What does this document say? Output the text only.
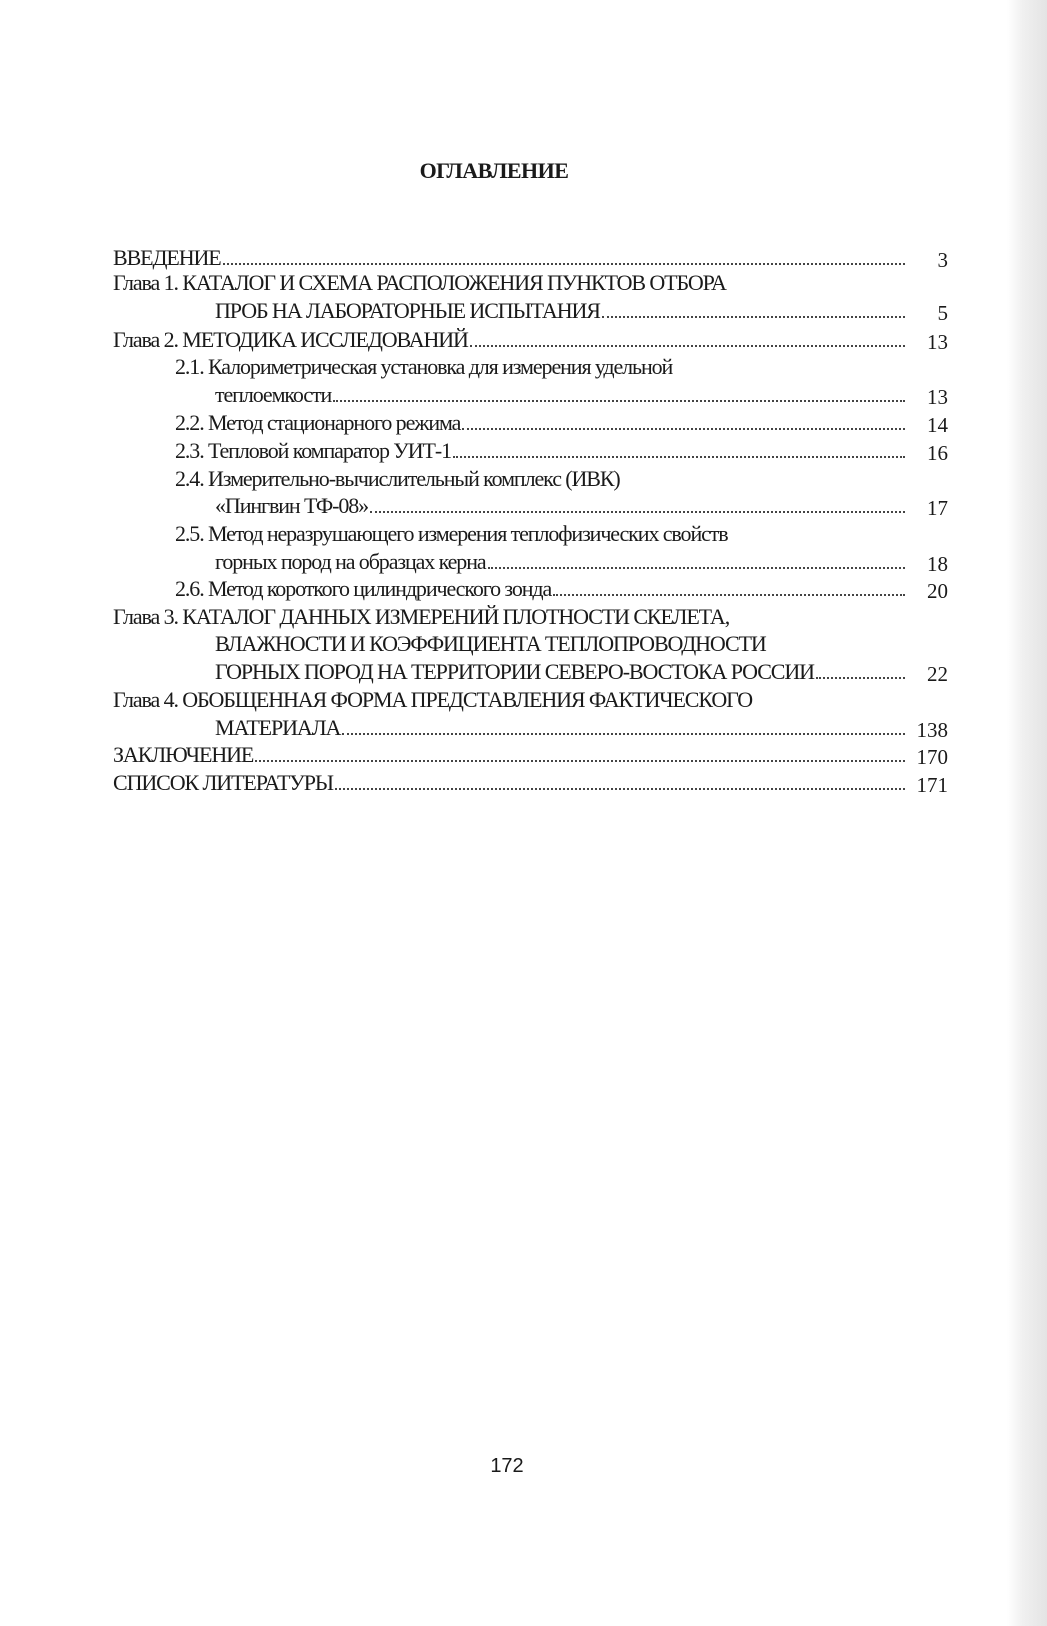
ОГЛАВЛЕНИЕ
3
ВВЕДЕНИЕ
Глава 1. КАТАЛОГ И СХЕМА РАСПОЛОЖЕНИЯ ПУНКТОВ ОТБОРА
5
ПРОБ НА ЛАБОРАТОРНЫЕ ИСПЫТАНИЯ
13
Глава 2. МЕТОДИКА ИССЛЕДОВАНИЙ
2.1. Калориметрическая установка для измерения удельной
13
теплоемкости
14
2.2. Метод стационарного режима
16
2.3. Тепловой компаратор УИТ-1
2.4. Измерительно-вычислительный комплекс (ИВК)
17
«Пингвин ТФ-08»
2.5. Метод неразрушающего измерения теплофизических свойств
18
горных пород на образцах керна
20
2.6. Метод короткого цилиндрического зонда
Глава 3. КАТАЛОГ ДАННЫХ ИЗМЕРЕНИЙ ПЛОТНОСТИ СКЕЛЕТА,
ВЛАЖНОСТИ И КОЭФФИЦИЕНТА ТЕПЛОПРОВОДНОСТИ
22
ГОРНЫХ ПОРОД НА ТЕРРИТОРИИ СЕВЕРО-ВОСТОКА РОССИИ
Глава 4. ОБОБЩЕННАЯ ФОРМА ПРЕДСТАВЛЕНИЯ ФАКТИЧЕСКОГО
138
МАТЕРИАЛА
170
ЗАКЛЮЧЕНИЕ
171
СПИСОК ЛИТЕРАТУРЫ
172
